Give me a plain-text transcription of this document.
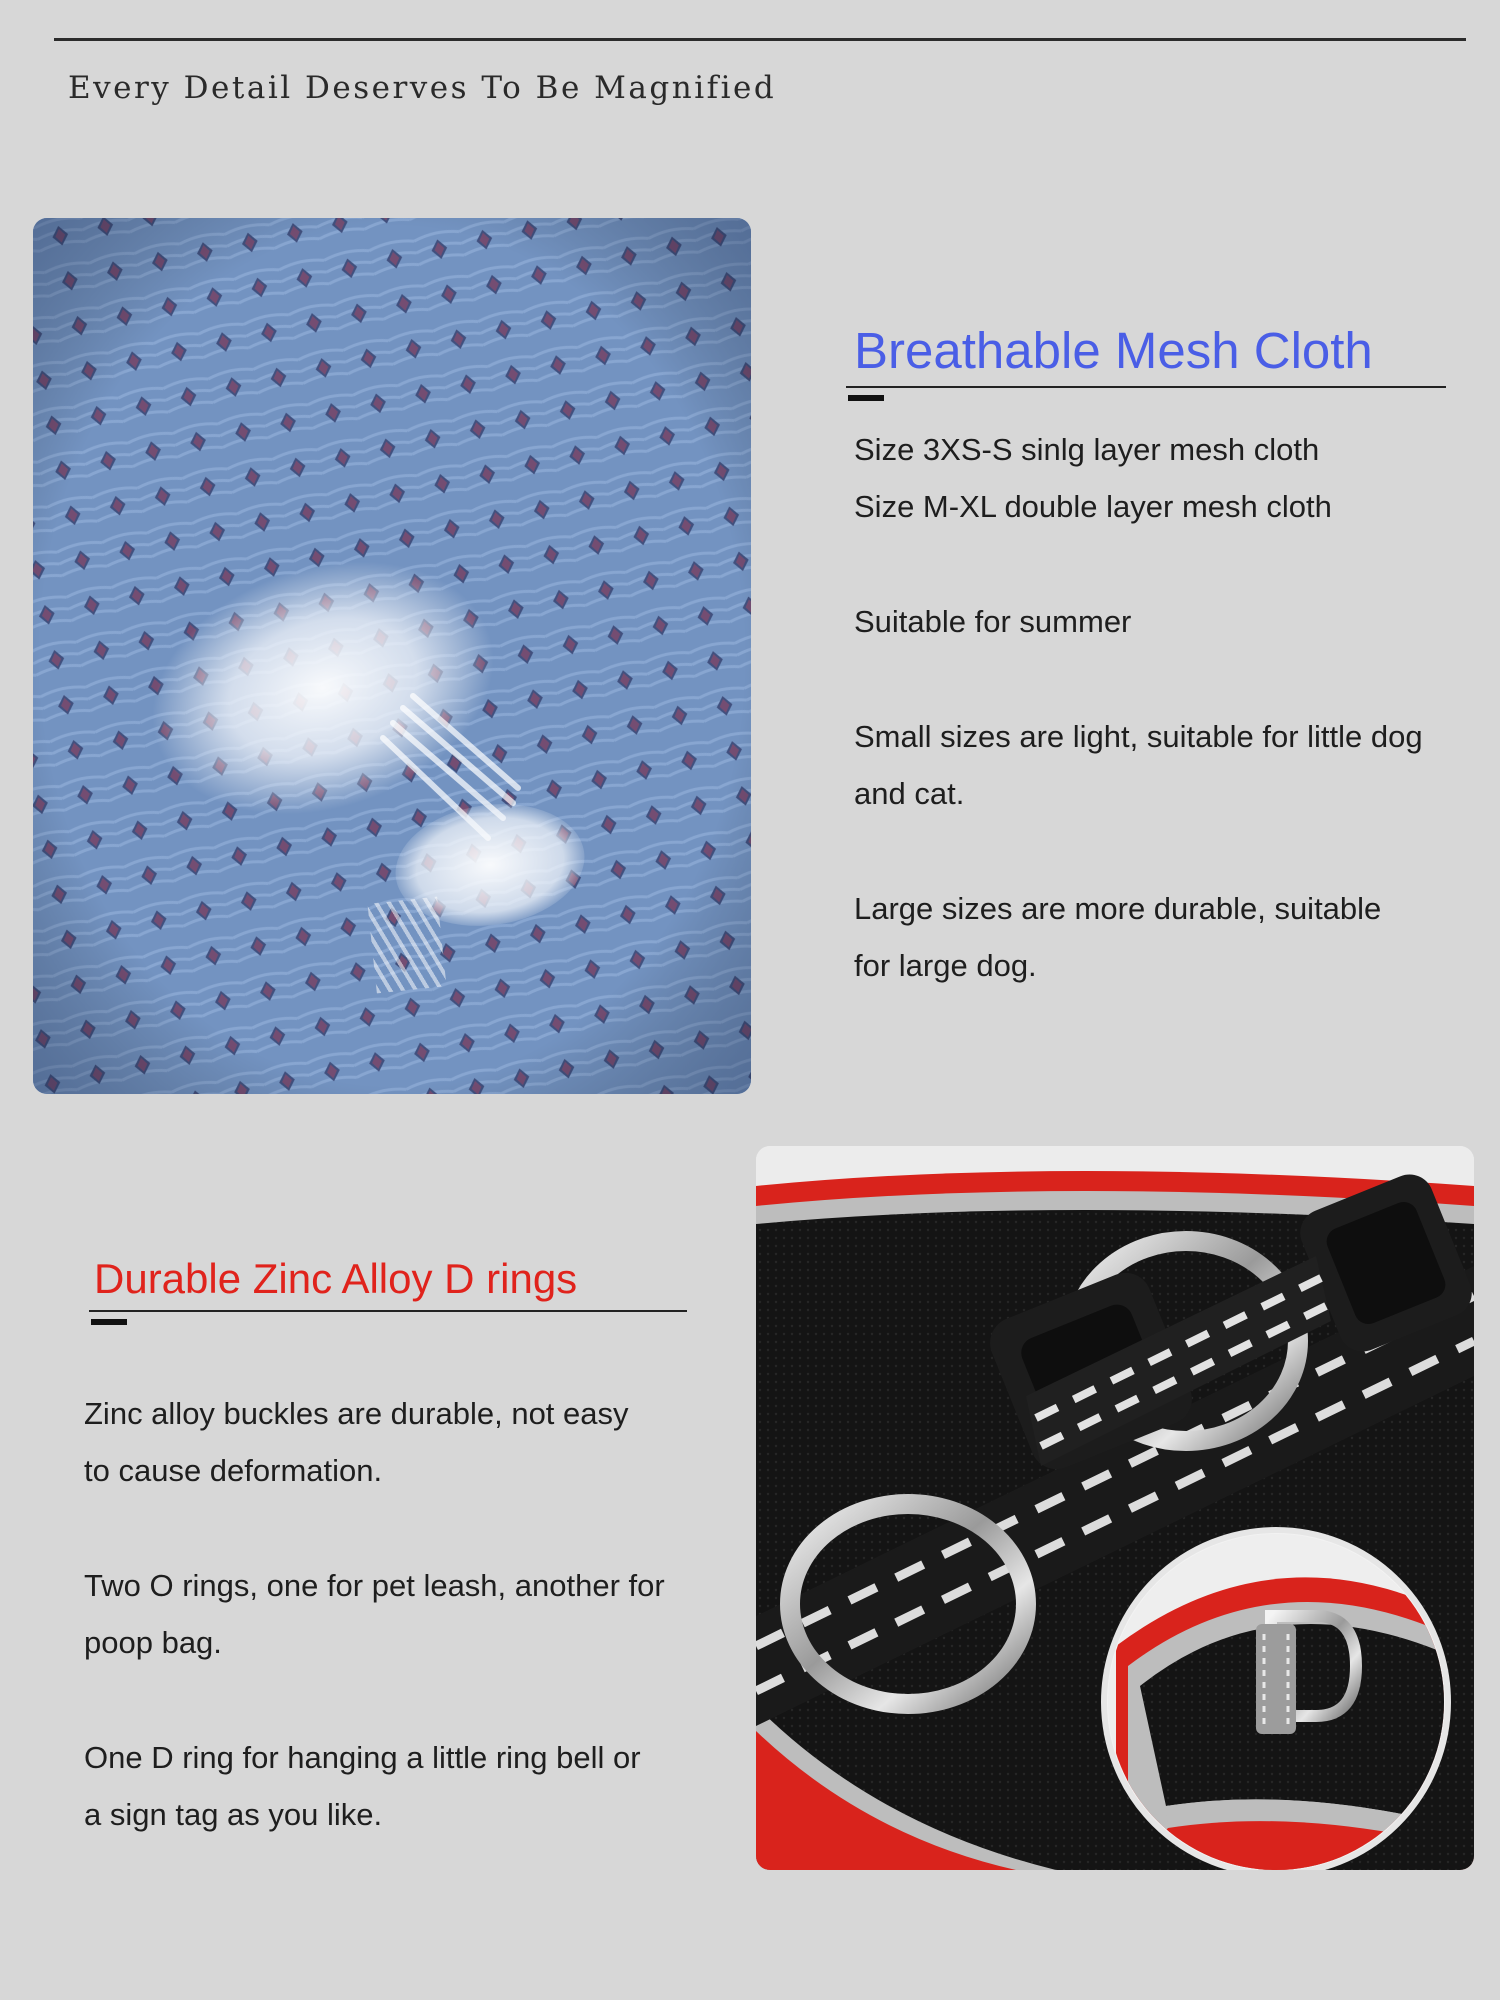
Every Detail Deserves To Be Magnified
Breathable Mesh Cloth
Size 3XS-S sinlg layer mesh cloth
Size M-XL double layer mesh cloth
Suitable for summer
Small sizes are light, suitable for little dog
and cat.
Large sizes are more durable, suitable
for large dog.
Durable Zinc Alloy D rings
Zinc alloy buckles are durable, not easy
to cause deformation.
Two O rings, one for pet leash, another for
poop bag.
One D ring for hanging a little ring bell or
a sign tag as you like.
